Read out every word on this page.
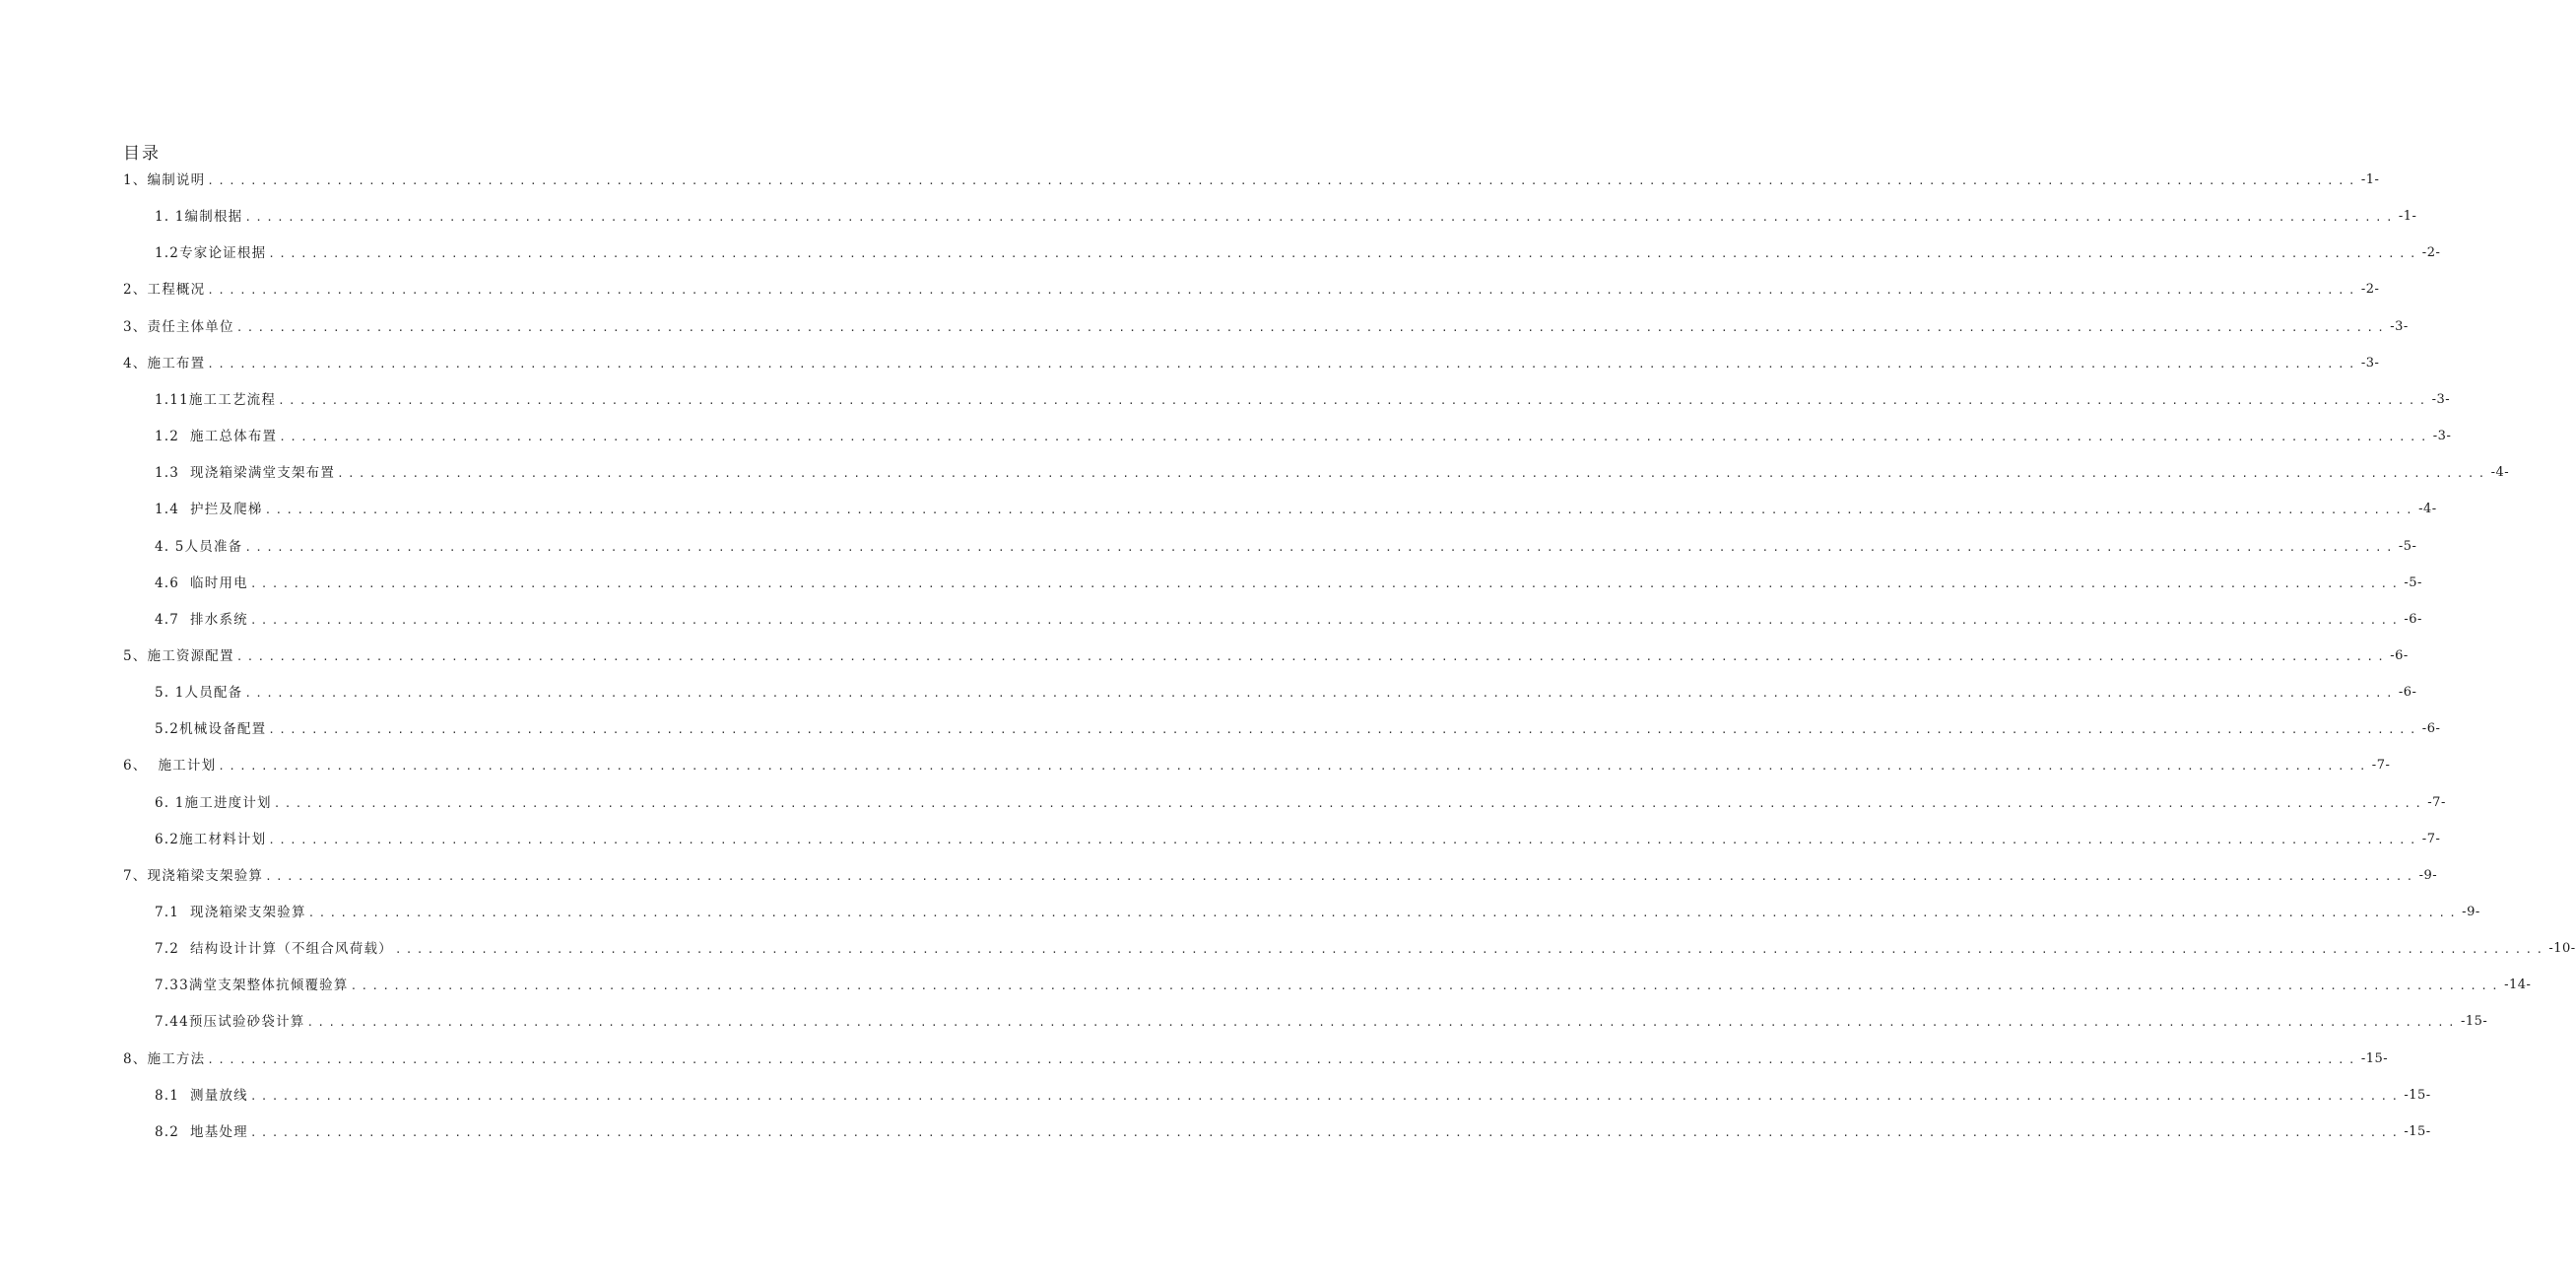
目录
1、编制说明 ........................................................................................................................................................................................................ -1-
1. 1编制根据 ........................................................................................................................................................................................................ -1-
1.2专家论证根据 ........................................................................................................................................................................................................ -2-
2、工程概况 ........................................................................................................................................................................................................ -2-
3、责任主体单位 ........................................................................................................................................................................................................ -3-
4、施工布置 ........................................................................................................................................................................................................ -3-
1.11施工工艺流程 ........................................................................................................................................................................................................ -3-
1.2  施工总体布置 ........................................................................................................................................................................................................ -3-
1.3  现浇箱梁满堂支架布置 ........................................................................................................................................................................................................ -4-
1.4  护拦及爬梯 ........................................................................................................................................................................................................ -4-
4. 5人员准备 ........................................................................................................................................................................................................ -5-
4.6  临时用电 ........................................................................................................................................................................................................ -5-
4.7  排水系统 ........................................................................................................................................................................................................ -6-
5、施工资源配置 ........................................................................................................................................................................................................ -6-
5. 1人员配备 ........................................................................................................................................................................................................ -6-
5.2机械设备配置 ........................................................................................................................................................................................................ -6-
6、  施工计划 ........................................................................................................................................................................................................ -7-
6. 1施工进度计划 ........................................................................................................................................................................................................ -7-
6.2施工材料计划 ........................................................................................................................................................................................................ -7-
7、现浇箱梁支架验算 ........................................................................................................................................................................................................ -9-
7.1  现浇箱梁支架验算 ........................................................................................................................................................................................................ -9-
7.2  结构设计计算（不组合风荷载） ........................................................................................................................................................................................................ -10-
7.33满堂支架整体抗倾覆验算 ........................................................................................................................................................................................................ -14-
7.44预压试验砂袋计算 ........................................................................................................................................................................................................ -15-
8、施工方法 ........................................................................................................................................................................................................ -15-
8.1  测量放线 ........................................................................................................................................................................................................ -15-
8.2  地基处理 ........................................................................................................................................................................................................ -15-
